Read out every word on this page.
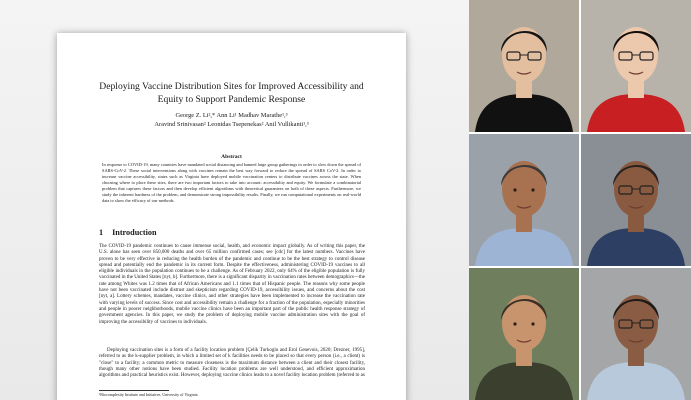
Deploying Vaccine Distribution Sites for Improved Accessibility and
Equity to Support Pandemic Response
George Z. Li²,* Ann Li¹ Madhav Marathe¹,³
Aravind Srinivasan² Leonidas Tsepenekas² Anil Vullikanti¹,³
Abstract
In response to COVID-19, many countries have mandated social distancing and banned large group gatherings in order to slow down the spread of SARS-CoV-2. These social interventions along with vaccines remain the best way forward to reduce the spread of SARS CoV-2. In order to increase vaccine accessibility, states such as Virginia have deployed mobile vaccination centers to distribute vaccines across the state. When choosing where to place these sites, there are two important factors to take into account: accessibility and equity. We formulate a combinatorial problem that captures these factors and then develop efficient algorithms with theoretical guarantees on both of these aspects. Furthermore, we study the inherent hardness of the problem, and demonstrate strong impossibility results. Finally, we run computational experiments on real-world data to show the efficacy of our methods.
1 Introduction
The COVID-19 pandemic continues to cause immense social, health, and economic impact globally. As of writing this paper, the U.S. alone has seen over 850,000 deaths and over 65 million confirmed cases; see [cdc] for the latest numbers. Vaccines have proven to be very effective in reducing the health burden of the pandemic and continue to be the best strategy to control disease spread and potentially end the pandemic in its current form. Despite the effectiveness, administering COVID-19 vaccines to all eligible individuals in the population continues to be a challenge. As of February 2022, only 64% of the eligible population is fully vaccinated in the United States [nyt, b]. Furthermore, there is a significant disparity in vaccination rates between demographics—the rate among Whites was 1.2 times that of African Americans and 1.1 times that of Hispanic people. The reasons why some people have not been vaccinated include distrust and skepticism regarding COVID-19, accessibility issues, and concerns about the cost [nyt, a]. Lottery schemes, mandates, vaccine clinics, and other strategies have been implemented to increase the vaccination rate with varying levels of success. Since cost and accessibility remain a challenge for a fraction of the population, especially minorities and people in poorer neighborhoods, mobile vaccine clinics have been an important part of the public health response strategy of government agencies. In this paper, we study the problem of deploying mobile vaccine administration sites with the goal of improving the accessibility of vaccines to individuals.
Deploying vaccination sites is a form of a facility location problem [Çelik Turkoglu and Erol Genevois, 2020; Drezner, 1995], referred to as the k-supplier problem, in which a limited set of k facilities needs to be placed so that every person (i.e., a client) is "close" to a facility; a common metric to measure closeness is the maximum distance between a client and their closest facility, though many other notions have been studied. Facility location problems are well understood, and efficient approximation algorithms and practical heuristics exist. However, deploying vaccine clinics leads to a novel facility location problem (referred to as
¹Biocomplexity Institute and Initiative, University of Virginia
